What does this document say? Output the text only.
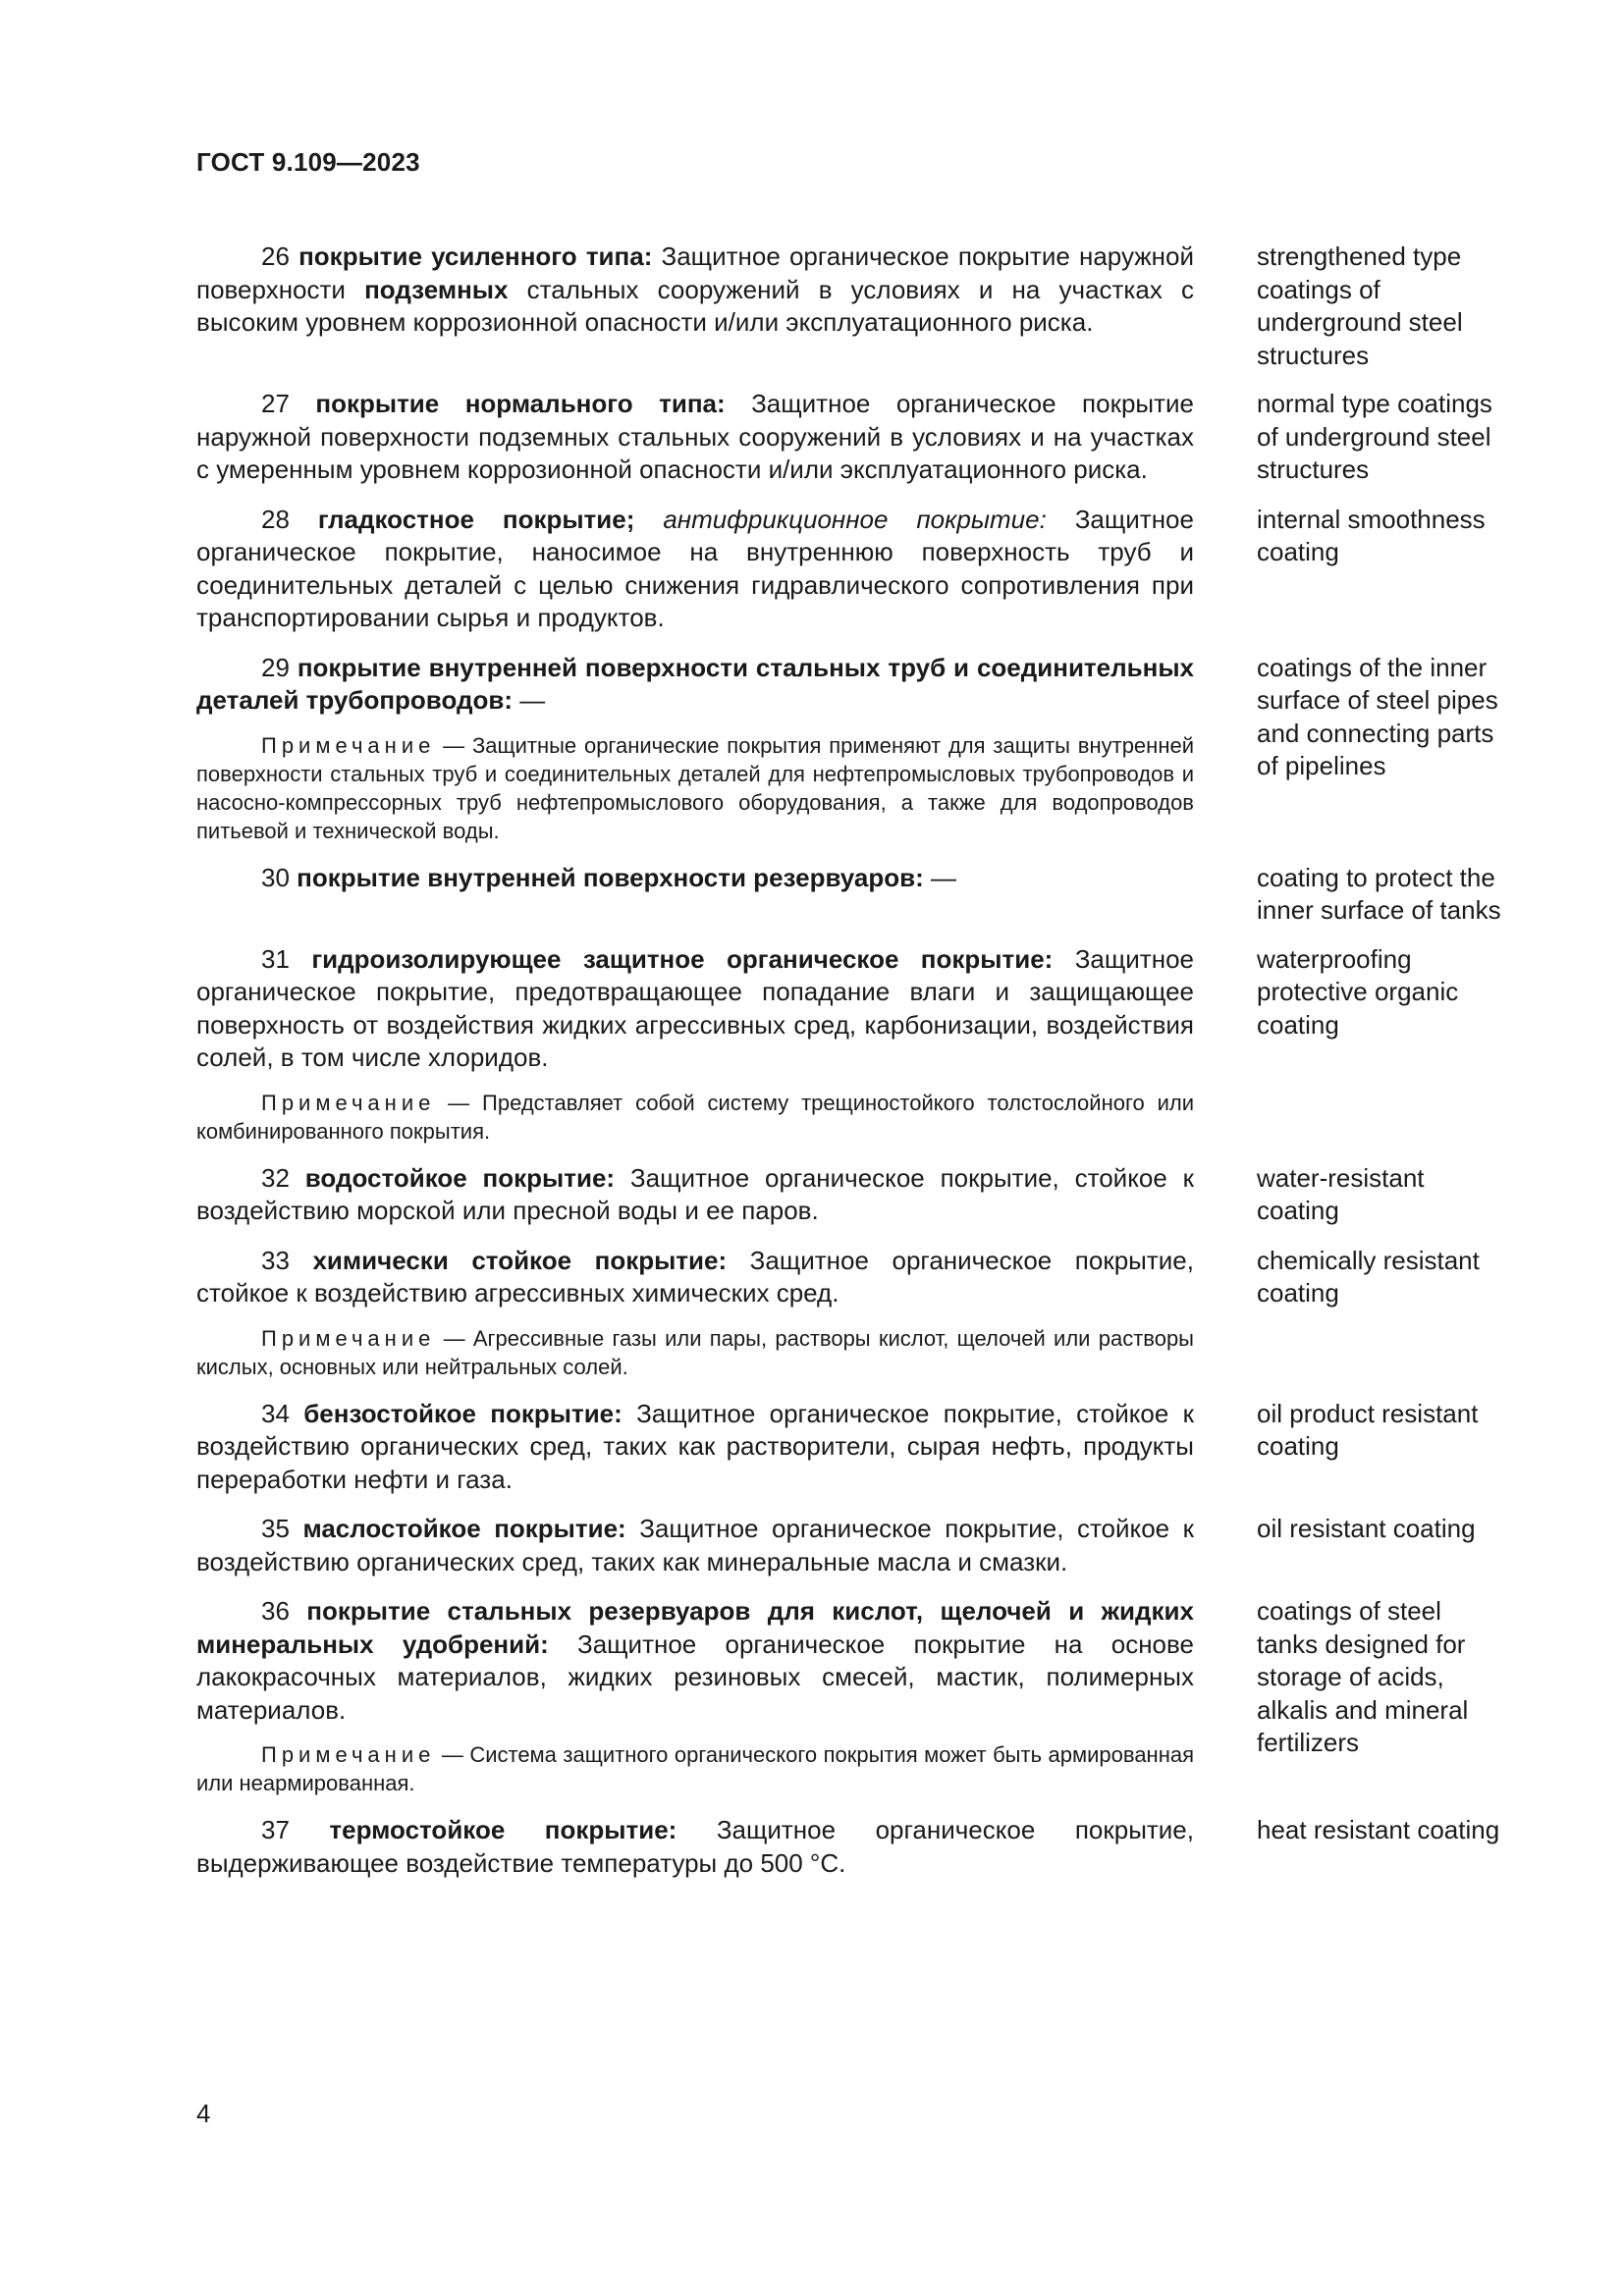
ГОСТ 9.109—2023

26 покрытие усиленного типа: Защитное органическое покрытие наружной поверхности подземных стальных сооружений в условиях и на участках с высоким уровнем коррозионной опасности и/или эксплуатационного риска.

strengthened type coatings of underground steel structures

27 покрытие нормального типа: Защитное органическое покрытие наружной поверхности подземных стальных сооружений в условиях и на участках с умеренным уровнем коррозионной опасности и/или эксплуатационного риска.

normal type coatings of underground steel structures

28 гладкостное покрытие; антифрикционное покрытие: Защитное органическое покрытие, наносимое на внутреннюю поверхность труб и соединительных деталей с целью снижения гидравлического сопротивления при транспортировании сырья и продуктов.

internal smoothness coating

29 покрытие внутренней поверхности стальных труб и соединительных деталей трубопроводов: —

Примечание — Защитные органические покрытия применяют для защиты внутренней поверхности стальных труб и соединительных деталей для нефтепромысловых трубопроводов и насосно-компрессорных труб нефтепромыслового оборудования, а также для водопроводов питьевой и технической воды.

coatings of the inner surface of steel pipes and connecting parts of pipelines

30 покрытие внутренней поверхности резервуаров: —	coating to protect the inner surface of tanks

31 гидроизолирующее защитное органическое покрытие: Защитное органическое покрытие, предотвращающее попадание влаги и защищающее поверхность от воздействия жидких агрессивных сред, карбонизации, воздействия солей, в том числе хлоридов.

Примечание — Представляет собой систему трещиностойкого толстослойного или комбинированного покрытия.

waterproofing protective organic coating

32 водостойкое покрытие: Защитное органическое покрытие, стойкое к воздействию морской или пресной воды и ее паров.

water-resistant coating

33 химически стойкое покрытие: Защитное органическое покрытие, стойкое к воздействию агрессивных химических сред.

Примечание — Агрессивные газы или пары, растворы кислот, щелочей или растворы кислых, основных или нейтральных солей.

chemically resistant coating

34 бензостойкое покрытие: Защитное органическое покрытие, стойкое к воздействию органических сред, таких как растворители, сырая нефть, продукты переработки нефти и газа.

oil product resistant coating

35 маслостойкое покрытие: Защитное органическое покрытие, стойкое к воздействию органических сред, таких как минеральные масла и смазки.

oil resistant coating

36 покрытие стальных резервуаров для кислот, щелочей и жидких минеральных удобрений: Защитное органическое покрытие на основе лакокрасочных материалов, жидких резиновых смесей, мастик, полимерных материалов.

Примечание — Система защитного органического покрытия может быть армированная или неармированная.

coatings of steel tanks designed for storage of acids, alkalis and mineral fertilizers

37 термостойкое покрытие: Защитное органическое покрытие, выдерживающее воздействие температуры до 500 °C.

heat resistant coating
4
